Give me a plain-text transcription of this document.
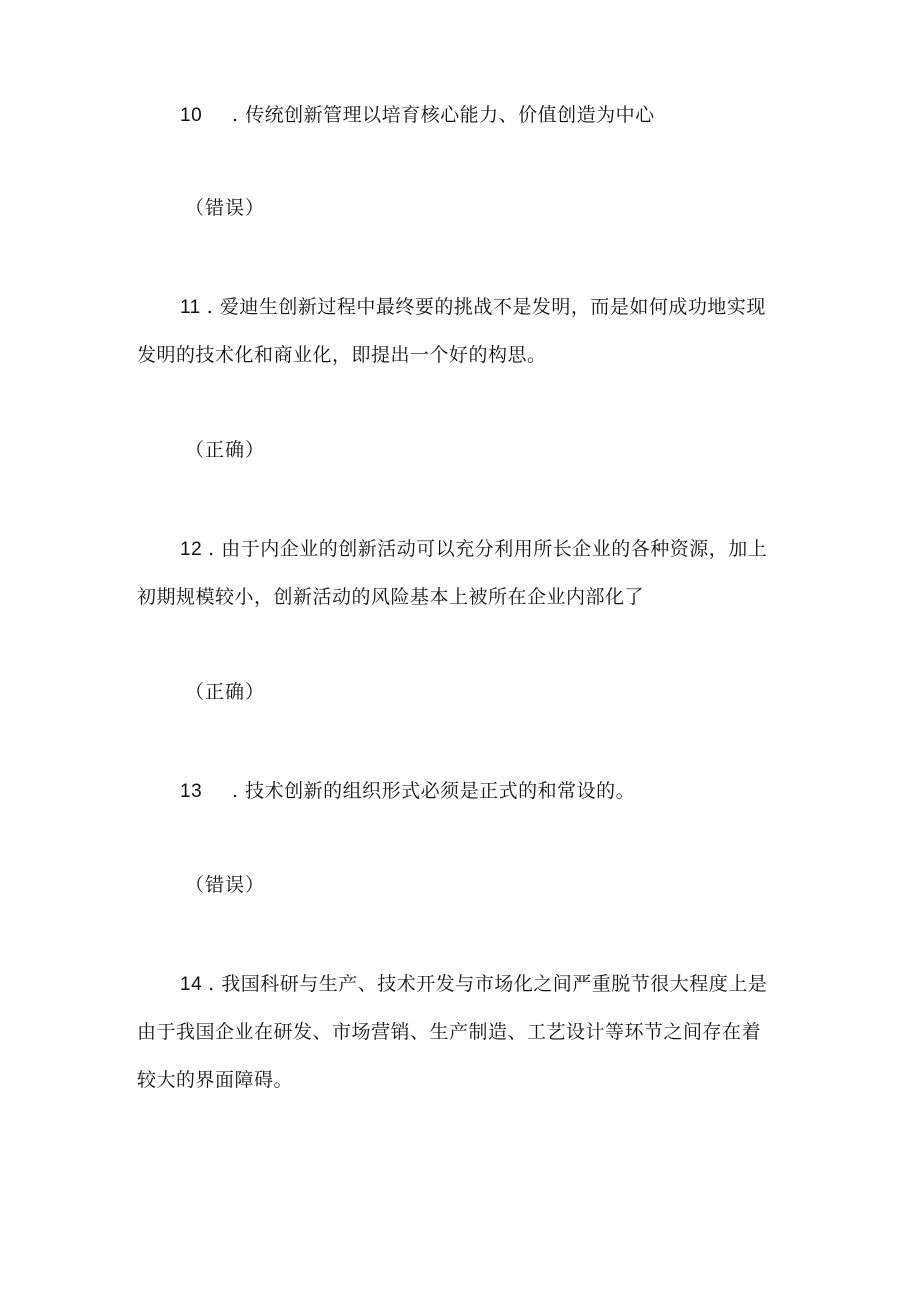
10 . 传统创新管理以培育核心能力、价值创造为中心
（错误）
11 . 爱迪生创新过程中最终要的挑战不是发明，而是如何成功地实现
发明的技术化和商业化，即提出一个好的构思。
（正确）
12 . 由于内企业的创新活动可以充分利用所长企业的各种资源，加上
初期规模较小，创新活动的风险基本上被所在企业内部化了
（正确）
13 . 技术创新的组织形式必须是正式的和常设的。
（错误）
14 . 我国科研与生产、技术开发与市场化之间严重脱节很大程度上是
由于我国企业在研发、市场营销、生产制造、工艺设计等环节之间存在着
较大的界面障碍。
